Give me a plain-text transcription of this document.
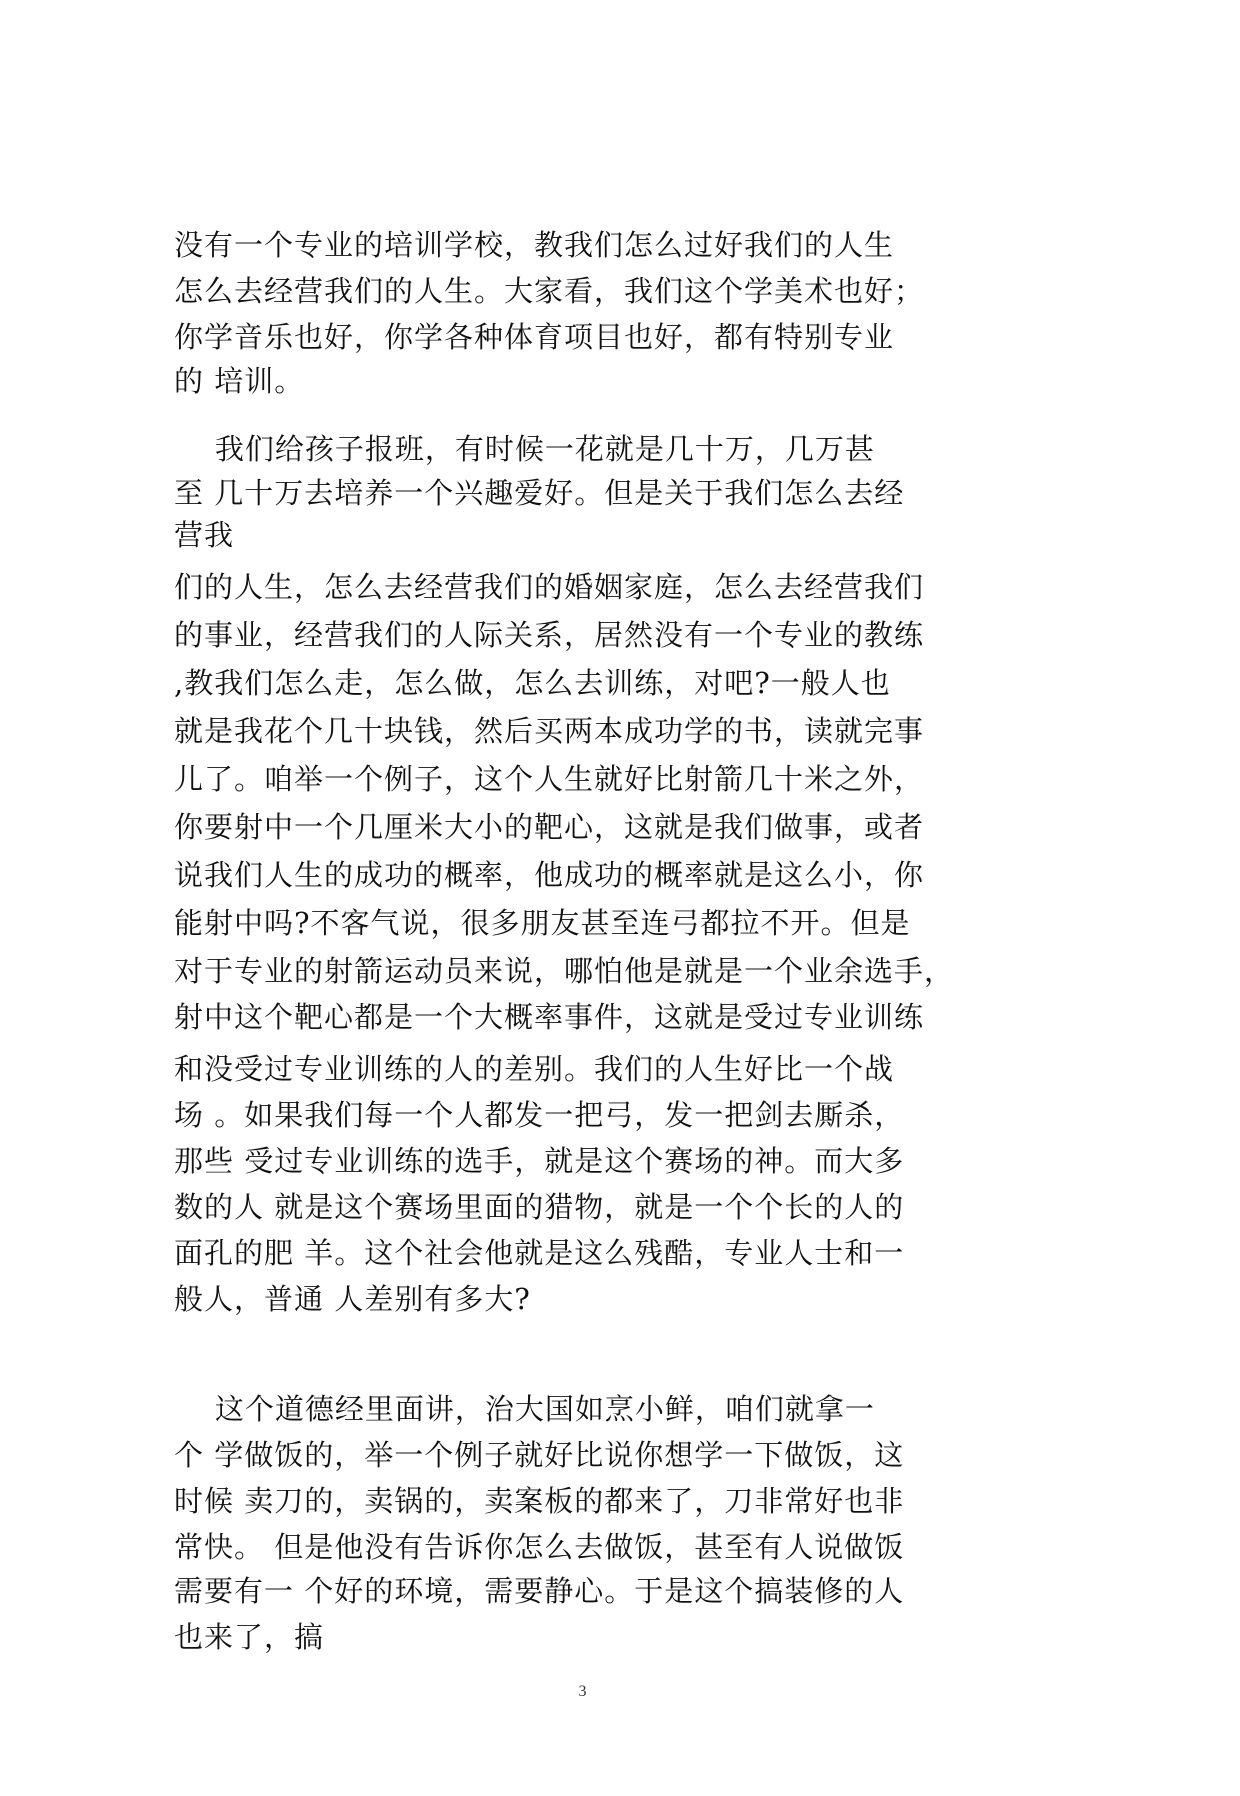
没有一个专业的培训学校，教我们怎么过好我们的人生

怎么去经营我们的人生。大家看，我们这个学美术也好；

你学音乐也好，你学各种体育项目也好，都有特别专业

的 培训。

我们给孩子报班，有时候一花就是几十万，几万甚

至 几十万去培养一个兴趣爱好。但是关于我们怎么去经

营我

们的人生，怎么去经营我们的婚姻家庭，怎么去经营我们

的事业，经营我们的人际关系，居然没有一个专业的教练

,教我们怎么走，怎么做，怎么去训练，对吧?一般人也

就是我花个几十块钱，然后买两本成功学的书，读就完事

儿了。咱举一个例子，这个人生就好比射箭几十米之外，

你要射中一个几厘米大小的靶心，这就是我们做事，或者

说我们人生的成功的概率，他成功的概率就是这么小，你

能射中吗?不客气说，很多朋友甚至连弓都拉不开。但是

对于专业的射箭运动员来说，哪怕他是就是一个业余选手，

射中这个靶心都是一个大概率事件，这就是受过专业训练

和没受过专业训练的人的差别。我们的人生好比一个战

场 。如果我们每一个人都发一把弓，发一把剑去厮杀，

那些 受过专业训练的选手，就是这个赛场的神。而大多

数的人 就是这个赛场里面的猎物，就是一个个长的人的

面孔的肥 羊。这个社会他就是这么残酷，专业人士和一

般人，普通 人差别有多大?

这个道德经里面讲，治大国如烹小鲜，咱们就拿一

个 学做饭的，举一个例子就好比说你想学一下做饭，这

时候 卖刀的，卖锅的，卖案板的都来了，刀非常好也非

常快。 但是他没有告诉你怎么去做饭，甚至有人说做饭

需要有一 个好的环境，需要静心。于是这个搞装修的人

也来了，搞

3
